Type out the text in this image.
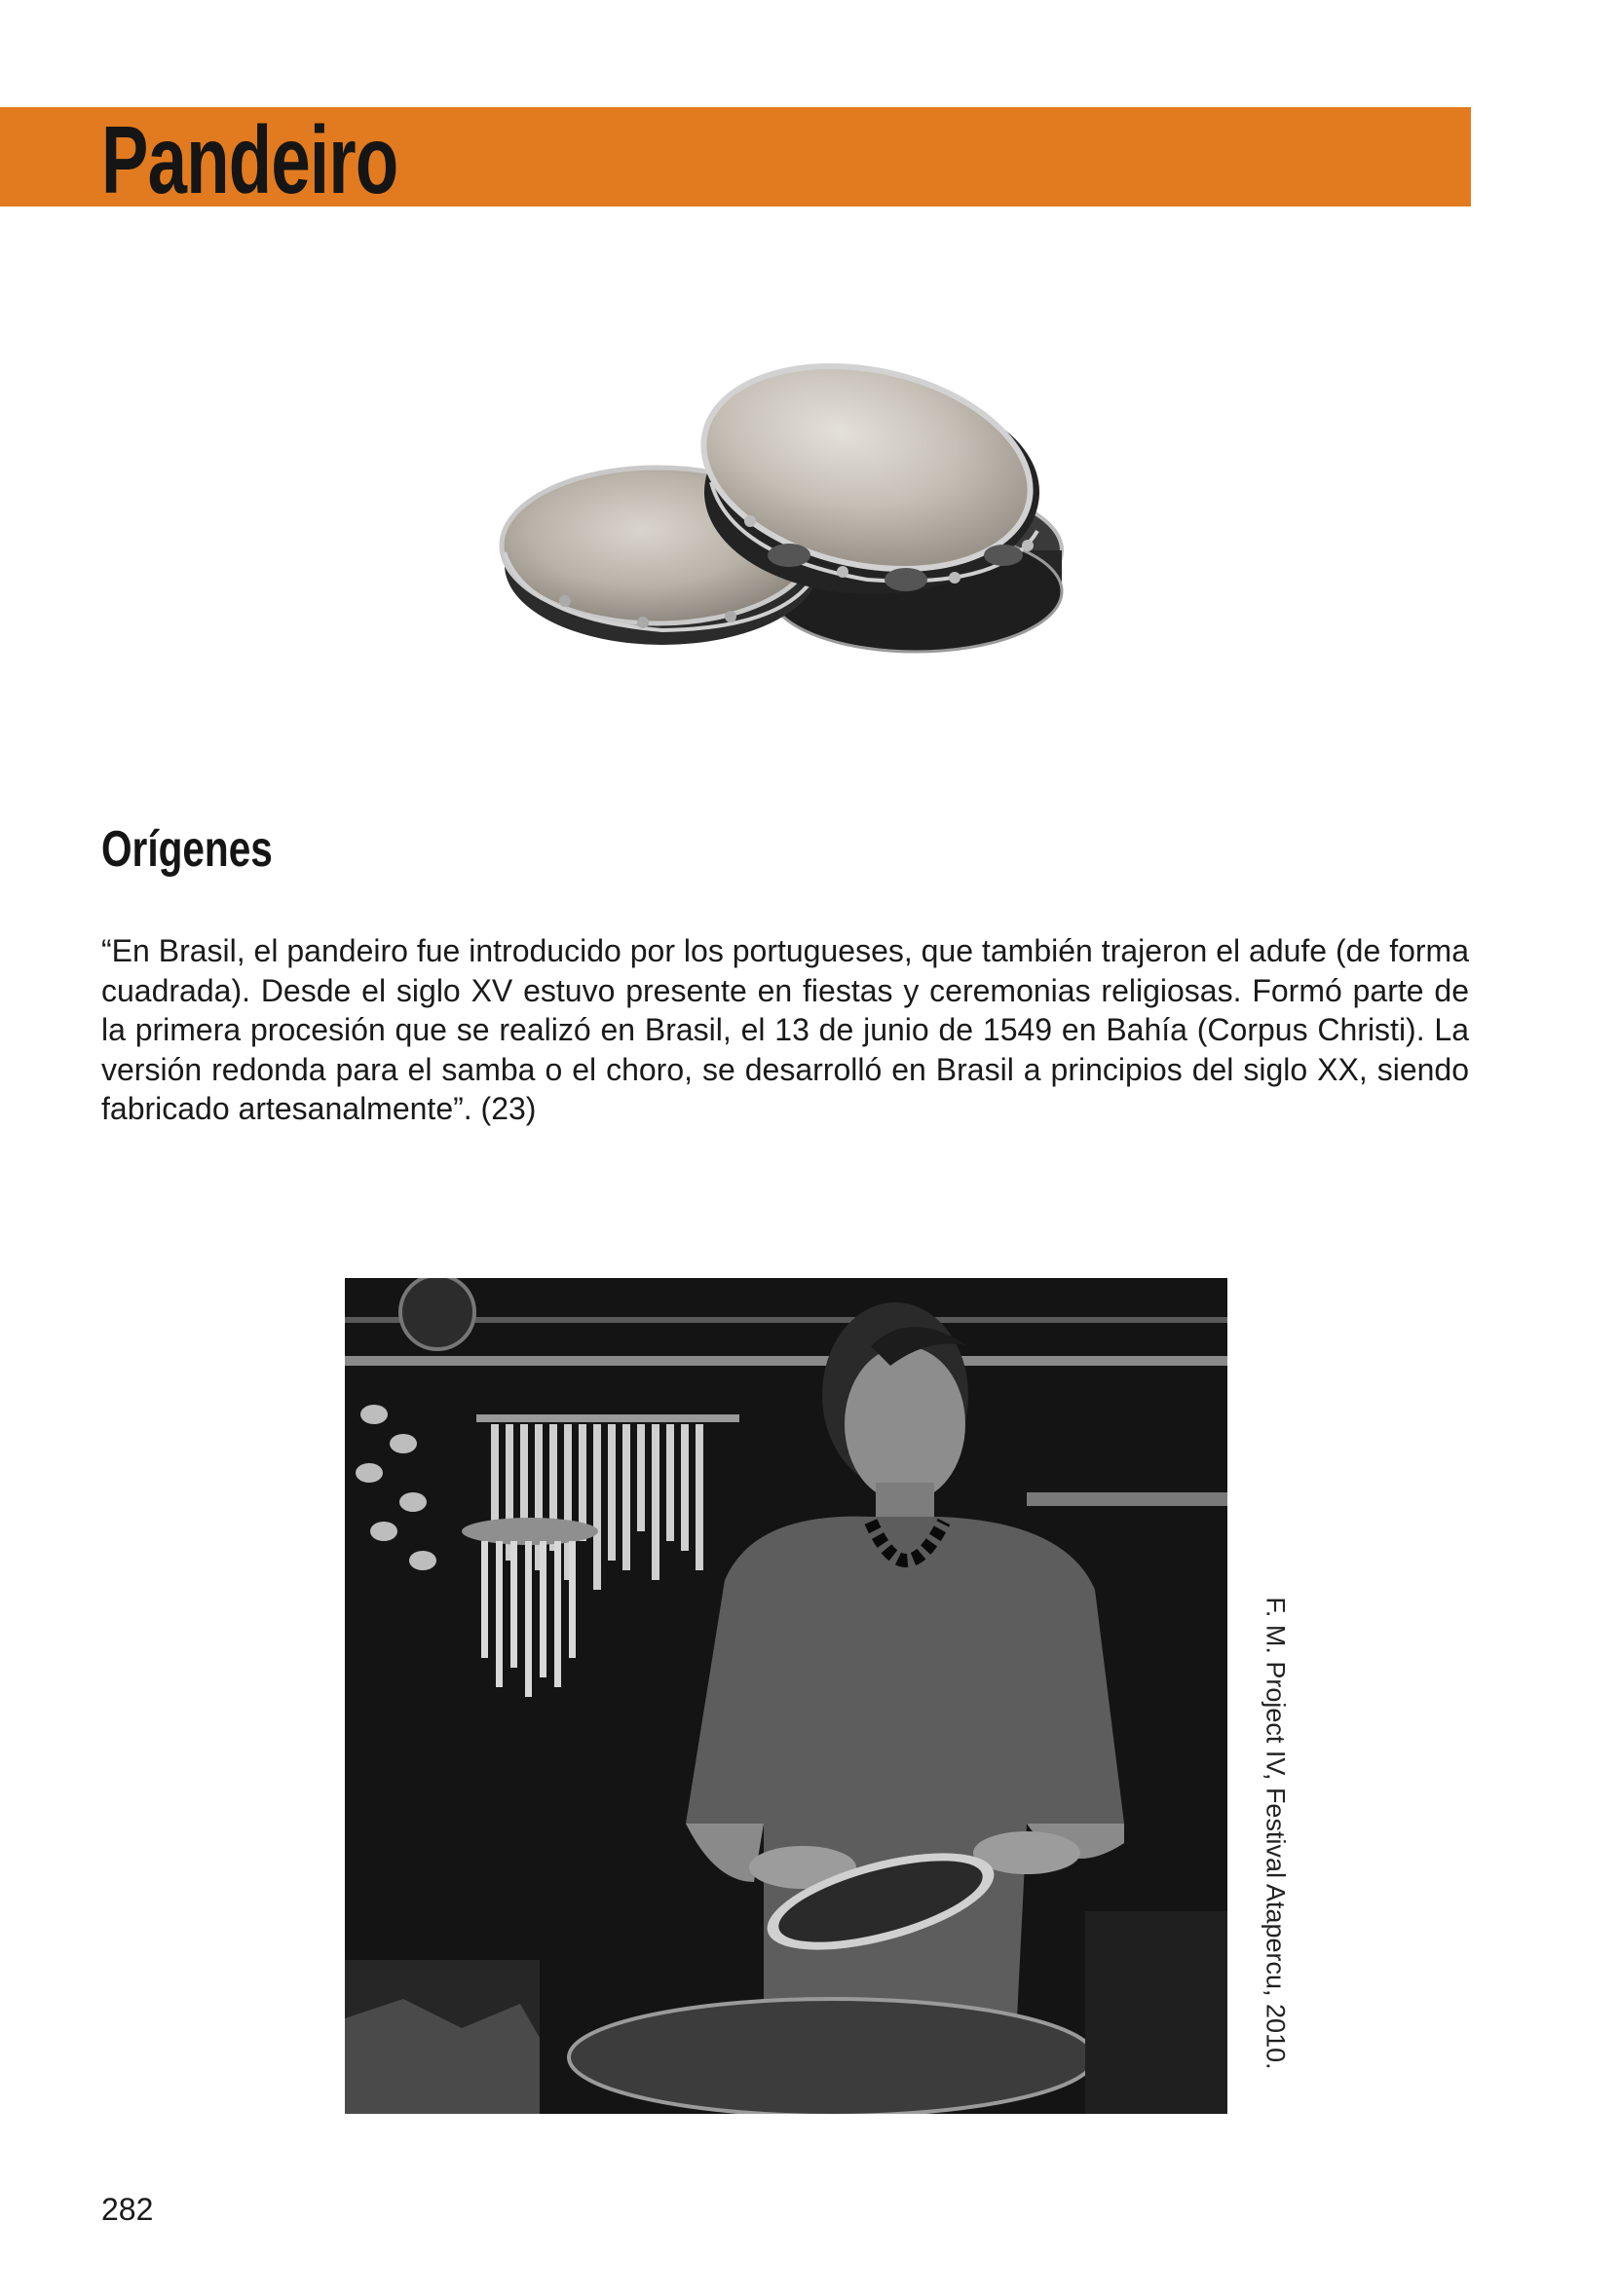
Pandeiro
Orígenes

“En Brasil, el pandeiro fue introducido por los portugueses, que también trajeron el adufe (de forma cuadrada). Desde el siglo XV estuvo presente en fiestas y ceremonias religiosas. Formó parte de la primera procesión que se realizó en Brasil, el 13 de junio de 1549 en Bahía (Corpus Christi). La versión redonda para el samba o el choro, se desarrolló en Brasil a principios del siglo XX, siendo fabricado artesanalmente”. (23)

F. M. Project IV, Festival Atapercu, 2010.
282
